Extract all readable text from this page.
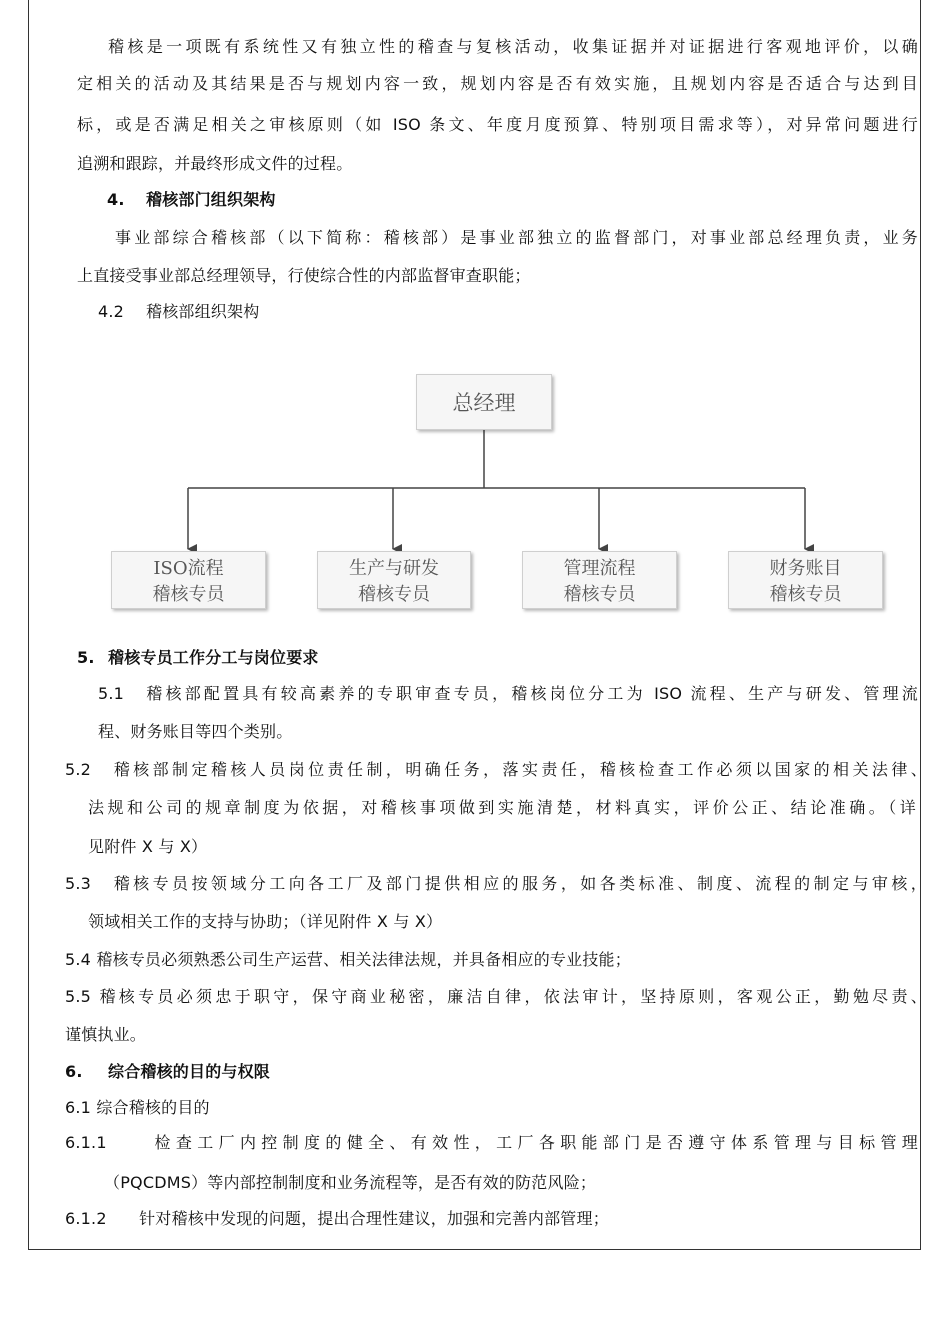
稽核是一项既有系统性又有独立性的稽查与复核活动，收集证据并对证据进行客观地评价，以确
定相关的活动及其结果是否与规划内容一致，规划内容是否有效实施，且规划内容是否适合与达到目
标，或是否满足相关之审核原则（如 ISO 条文、年度月度预算、特别项目需求等），对异常问题进行
追溯和跟踪，并最终形成文件的过程。
4. 稽核部门组织架构
事业部综合稽核部（以下简称：稽核部）是事业部独立的监督部门，对事业部总经理负责，业务
上直接受事业部总经理领导，行使综合性的内部监督审查职能；
4.2 稽核部组织架构
总经理
ISO流程
稽核专员
生产与研发
稽核专员
管理流程
稽核专员
财务账目
稽核专员
5. 稽核专员工作分工与岗位要求
5.1　稽核部配置具有较高素养的专职审查专员，稽核岗位分工为 ISO 流程、生产与研发、管理流
程、财务账目等四个类别。
5.2　稽核部制定稽核人员岗位责任制，明确任务，落实责任，稽核检查工作必须以国家的相关法律、
法规和公司的规章制度为依据，对稽核事项做到实施清楚，材料真实，评价公正、结论准确。（详
见附件 X 与 X）
5.3　稽核专员按领域分工向各工厂及部门提供相应的服务，如各类标准、制度、流程的制定与审核，
领域相关工作的支持与协助；（详见附件 X 与 X）
5.4 稽核专员必须熟悉公司生产运营、相关法律法规，并具备相应的专业技能；
5.5 稽核专员必须忠于职守，保守商业秘密，廉洁自律，依法审计，坚持原则，客观公正，勤勉尽责、
谨慎执业。
6. 综合稽核的目的与权限
6.1 综合稽核的目的
6.1.1　　检查工厂内控制度的健全、有效性，工厂各职能部门是否遵守体系管理与目标管理
（PQCDMS）等内部控制制度和业务流程等，是否有效的防范风险；
6.1.2　　针对稽核中发现的问题，提出合理性建议，加强和完善内部管理；
